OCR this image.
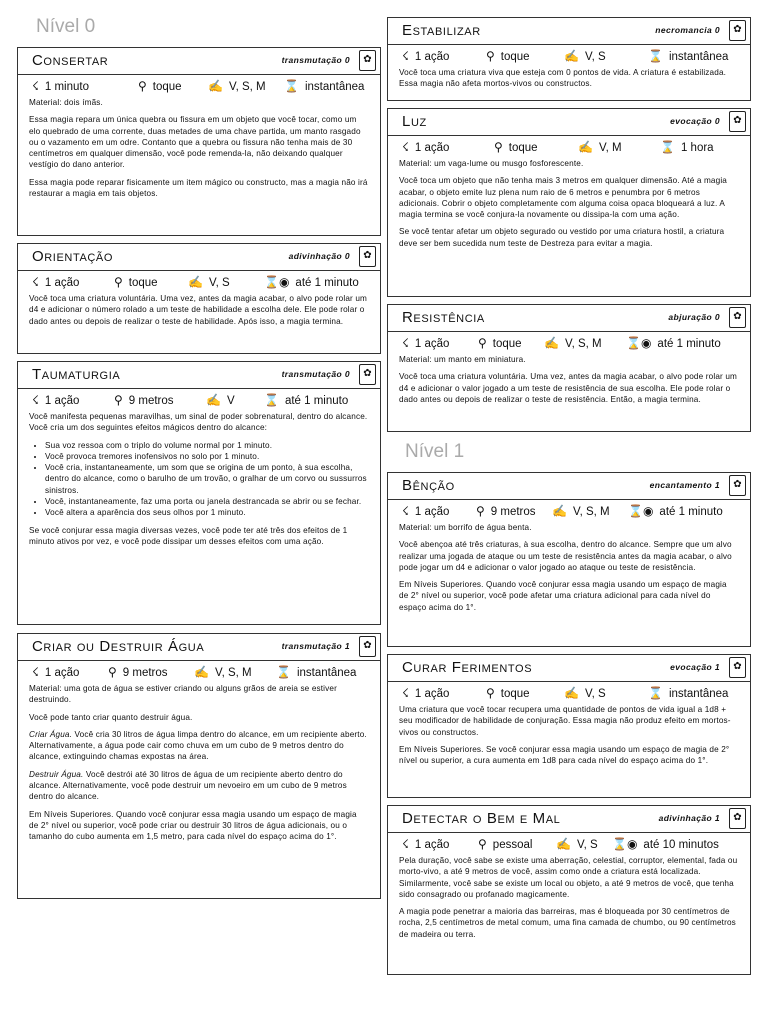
Nível 0
Nível 1
Consertar	transmutação 0	✿
☇ 1 minuto	⚲ toque ✍ V, S, M ⌛ instantânea

Material: dois ímãs.

Essa magia repara um única quebra ou fissura em um objeto que você tocar, como um elo quebrado de uma corrente, duas metades de uma chave partida, um manto rasgado ou o vazamento em um odre. Contanto que a quebra ou fissura não tenha mais de 30 centímetros em qualquer dimensão, você pode remenda-la, não deixando qualquer vestígio do dano anterior.

Essa magia pode reparar fisicamente um item mágico ou constructo, mas a magia não irá restaurar a magia em tais objetos.

Orientação	adivinhação 0	✿
☇ 1 ação	⚲ toque	✍ V, S	⌛◉ até 1 minuto

Você toca uma criatura voluntária. Uma vez, antes da magia acabar, o alvo pode rolar um d4 e adicionar o número rolado a um teste de habilidade a escolha dele. Ele pode rolar o dado antes ou depois de realizar o teste de habilidade. Após isso, a magia termina.

Taumaturgia	transmutação 0	✿
☇ 1 ação	⚲ 9 metros	✍ V ⌛ até 1 minuto

Você manifesta pequenas maravilhas, um sinal de poder sobrenatural, dentro do alcance. Você cria um dos seguintes efeitos mágicos dentro do alcance:

• Sua voz ressoa com o triplo do volume normal por 1 minuto.
• Você provoca tremores inofensivos no solo por 1 minuto.
• Você cria, instantaneamente, um som que se origina de um ponto, à sua escolha, dentro do alcance, como o barulho de um trovão, o gralhar de um corvo ou sussurros sinistros.
• Você, instantaneamente, faz uma porta ou janela destrancada se abrir ou se fechar.
• Você altera a aparência dos seus olhos por 1 minuto.

Se você conjurar essa magia diversas vezes, você pode ter até três dos efeitos de 1 minuto ativos por vez, e você pode dissipar um desses efeitos com uma ação.

Criar ou Destruir Água	transmutação 1	✿
☇ 1 ação ⚲ 9 metros ✍ V, S, M ⌛ instantânea

Material: uma gota de água se estiver criando ou alguns grãos de areia se estiver destruindo.

Você pode tanto criar quanto destruir água.

Criar Água. Você cria 30 litros de água limpa dentro do alcance, em um recipiente aberto. Alternativamente, a água pode cair como chuva em um cubo de 9 metros dentro do alcance, extinguindo chamas expostas na área.

Destruir Água. Você destrói até 30 litros de água de um recipiente aberto dentro do alcance. Alternativamente, você pode destruir um nevoeiro em um cubo de 9 metros dentro do alcance.

Em Níveis Superiores. Quando você conjurar essa magia usando um espaço de magia de 2° nível ou superior, você pode criar ou destruir 30 litros de água adicionais, ou o tamanho do cubo aumenta em 1,5 metro, para cada nível do espaço acima do 1°.

Estabilizar	necromancia 0	✿
☇ 1 ação	⚲ toque	✍ V, S	⌛ instantânea

Você toca uma criatura viva que esteja com 0 pontos de vida. A criatura é estabilizada. Essa magia não afeta mortos-vivos ou constructos.

Luz	evocação 0	✿
☇ 1 ação	⚲ toque	✍ V, M	⌛ 1 hora

Material: um vaga-lume ou musgo fosforescente.

Você toca um objeto que não tenha mais 3 metros em qualquer dimensão. Até a magia acabar, o objeto emite luz plena num raio de 6 metros e penumbra por 6 metros adicionais. Cobrir o objeto completamente com alguma coisa opaca bloqueará a luz. A magia termina se você conjura-la novamente ou dissipa-la com uma ação.

Se você tentar afetar um objeto segurado ou vestido por uma criatura hostil, a criatura deve ser bem sucedida num teste de Destreza para evitar a magia.

Resistência	abjuração 0	✿
☇ 1 ação ⚲ toque ✍ V, S, M ⌛◉ até 1 minuto

Material: um manto em miniatura.

Você toca uma criatura voluntária. Uma vez, antes da magia acabar, o alvo pode rolar um d4 e adicionar o valor jogado a um teste de resistência de sua escolha. Ele pode rolar o dado antes ou depois de realizar o teste de resistência. Então, a magia termina.

Bênção	encantamento 1	✿
☇ 1 ação ⚲ 9 metros ✍ V, S, M ⌛◉ até 1 minuto

Material: um borrifo de água benta.

Você abençoa até três criaturas, à sua escolha, dentro do alcance. Sempre que um alvo realizar uma jogada de ataque ou um teste de resistência antes da magia acabar, o alvo pode jogar um d4 e adicionar o valor jogado ao ataque ou teste de resistência.

Em Níveis Superiores. Quando você conjurar essa magia usando um espaço de magia de 2° nível ou superior, você pode afetar uma criatura adicional para cada nível do espaço acima do 1°.

Curar Ferimentos	evocação 1	✿
☇ 1 ação	⚲ toque	✍ V, S	⌛ instantânea

Uma criatura que você tocar recupera uma quantidade de pontos de vida igual a 1d8 + seu modificador de habilidade de conjuração. Essa magia não produz efeito em mortos-vivos ou constructos.

Em Níveis Superiores. Se você conjurar essa magia usando um espaço de magia de 2° nível ou superior, a cura aumenta em 1d8 para cada nível do espaço acima do 1°.

Detectar o Bem e Mal	adivinhação 1	✿
☇ 1 ação ⚲ pessoal ✍ V, S ⌛◉ até 10 minutos

Pela duração, você sabe se existe uma aberração, celestial, corruptor, elemental, fada ou morto-vivo, a até 9 metros de você, assim como onde a criatura está localizada. Similarmente, você sabe se existe um local ou objeto, a até 9 metros de você, que tenha sido consagrado ou profanado magicamente.

A magia pode penetrar a maioria das barreiras, mas é bloqueada por 30 centímetros de rocha, 2,5 centímetros de metal comum, uma fina camada de chumbo, ou 90 centímetros de madeira ou terra.
